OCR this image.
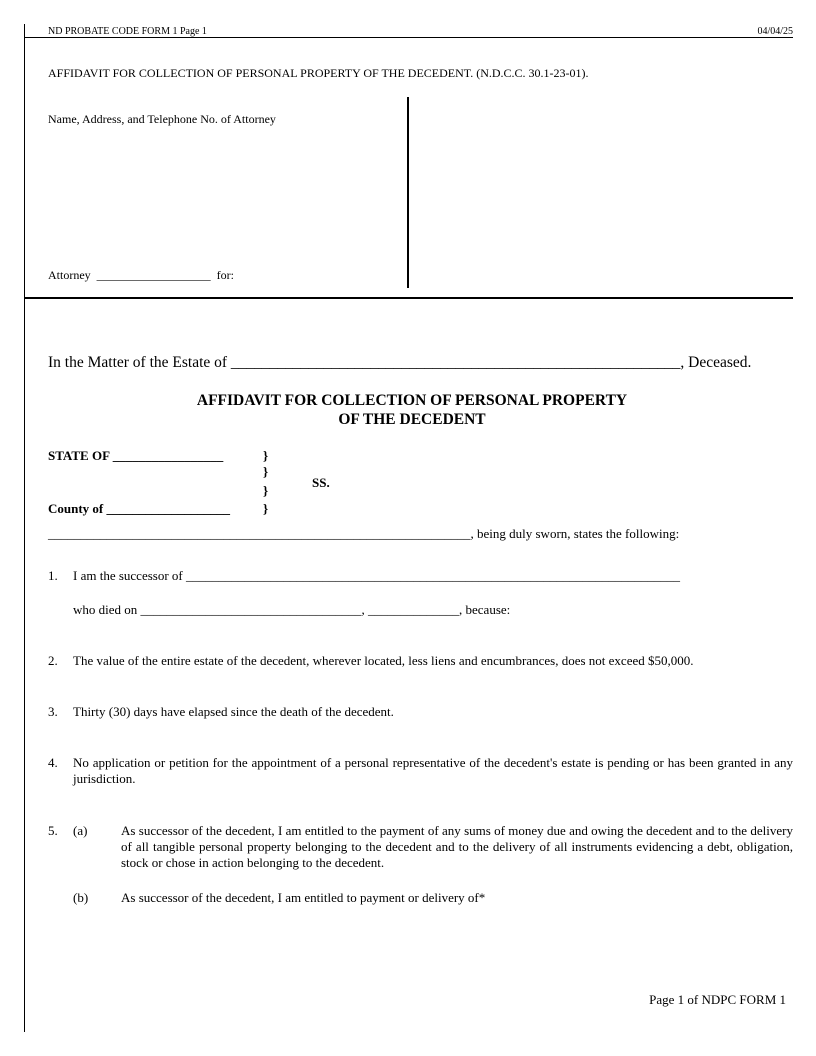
ND PROBATE CODE FORM 1 Page 1	04/04/25
AFFIDAVIT FOR COLLECTION OF PERSONAL PROPERTY OF THE DECEDENT. (N.D.C.C. 30.1-23-01).
Name, Address, and Telephone No. of Attorney
Attorney ___________________ for:
In the Matter of the Estate of __________________________________________________________, Deceased.
AFFIDAVIT FOR COLLECTION OF PERSONAL PROPERTY
OF THE DECEDENT
STATE OF _________________	}
}
}
}
SS.
County of ___________________
_________________________________________________________________, being duly sworn, states the following:
1. I am the successor of ____________________________________________________________________________
who died on __________________________________, ______________, because:
2. The value of the entire estate of the decedent, wherever located, less liens and encumbrances, does not exceed $50,000.
3. Thirty (30) days have elapsed since the death of the decedent.
4. No application or petition for the appointment of a personal representative of the decedent's estate is pending or has been granted in any jurisdiction.
5. (a)	As successor of the decedent, I am entitled to the payment of any sums of money due and owing the decedent and to the delivery of all tangible personal property belonging to the decedent and to the delivery of all instruments evidencing a debt, obligation, stock or chose in action belonging to the decedent.
(b)	As successor of the decedent, I am entitled to payment or delivery of*
Page 1 of NDPC FORM 1
